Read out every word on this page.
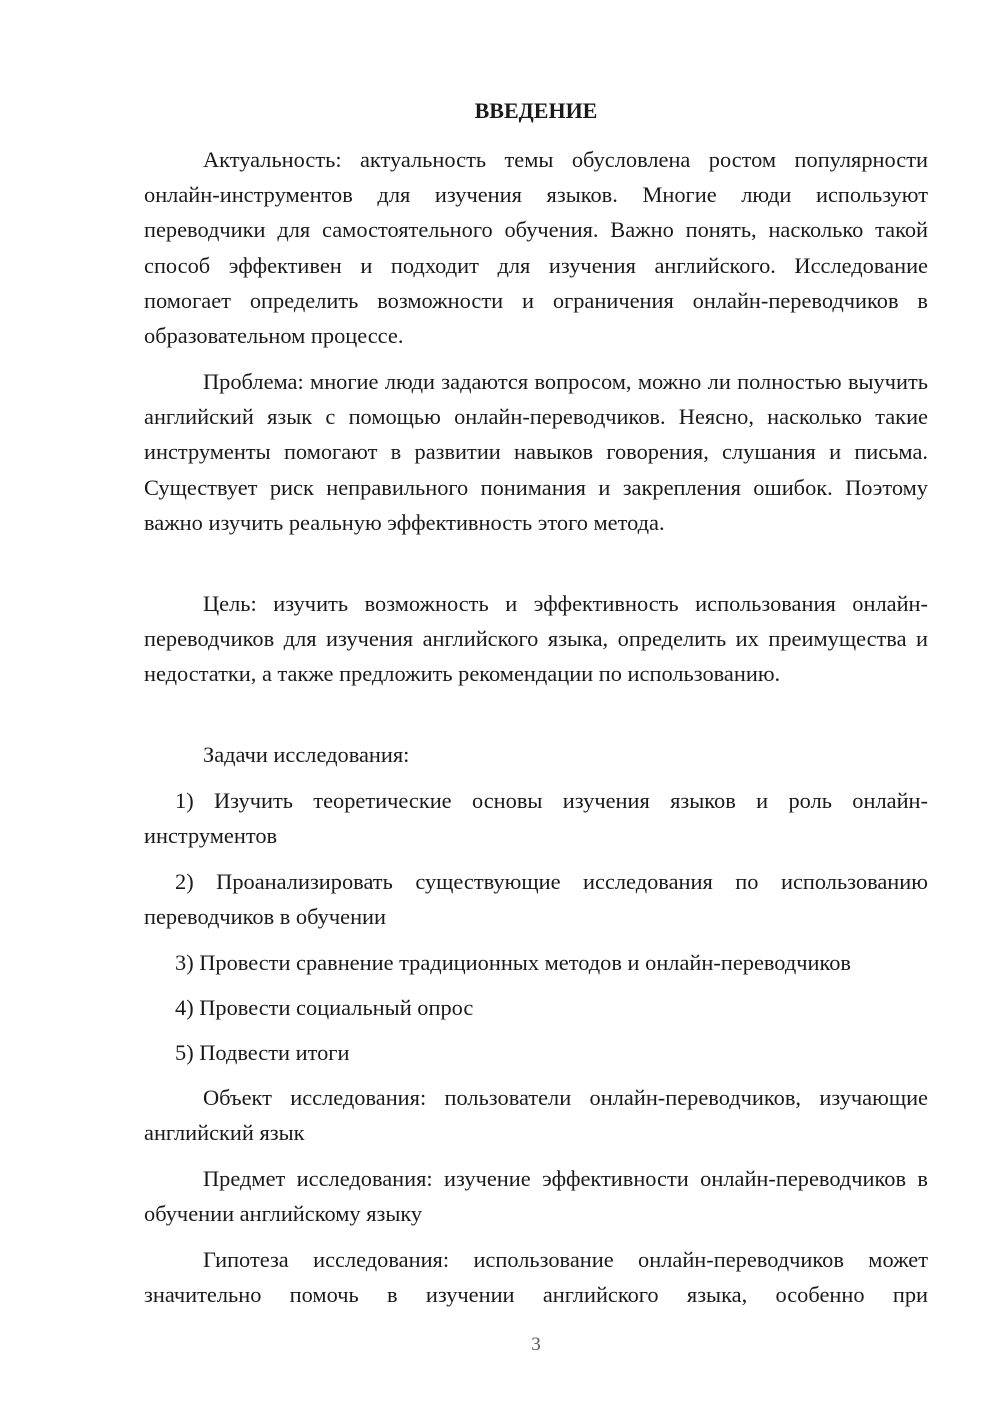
ВВЕДЕНИЕ

Актуальность: актуальность темы обусловлена ростом популярности онлайн-инструментов для изучения языков. Многие люди используют переводчики для самостоятельного обучения. Важно понять, насколько такой способ эффективен и подходит для изучения английского. Исследование помогает определить возможности и ограничения онлайн-переводчиков в образовательном процессе.

Проблема: многие люди задаются вопросом, можно ли полностью выучить английский язык с помощью онлайн-переводчиков. Неясно, насколько такие инструменты помогают в развитии навыков говорения, слушания и письма. Существует риск неправильного понимания и закрепления ошибок. Поэтому важно изучить реальную эффективность этого метода.

Цель: изучить возможность и эффективность использования онлайн-переводчиков для изучения английского языка, определить их преимущества и недостатки, а также предложить рекомендации по использованию.

Задачи исследования:

1) Изучить теоретические основы изучения языков и роль онлайн-инструментов

2) Проанализировать существующие исследования по использованию переводчиков в обучении

3) Провести сравнение традиционных методов и онлайн-переводчиков

4) Провести социальный опрос

5) Подвести итоги

Объект исследования: пользователи онлайн-переводчиков, изучающие английский язык

Предмет исследования: изучение эффективности онлайн-переводчиков в обучении английскому языку

Гипотеза исследования: использование онлайн-переводчиков может значительно помочь в изучении английского языка, особенно при

3
